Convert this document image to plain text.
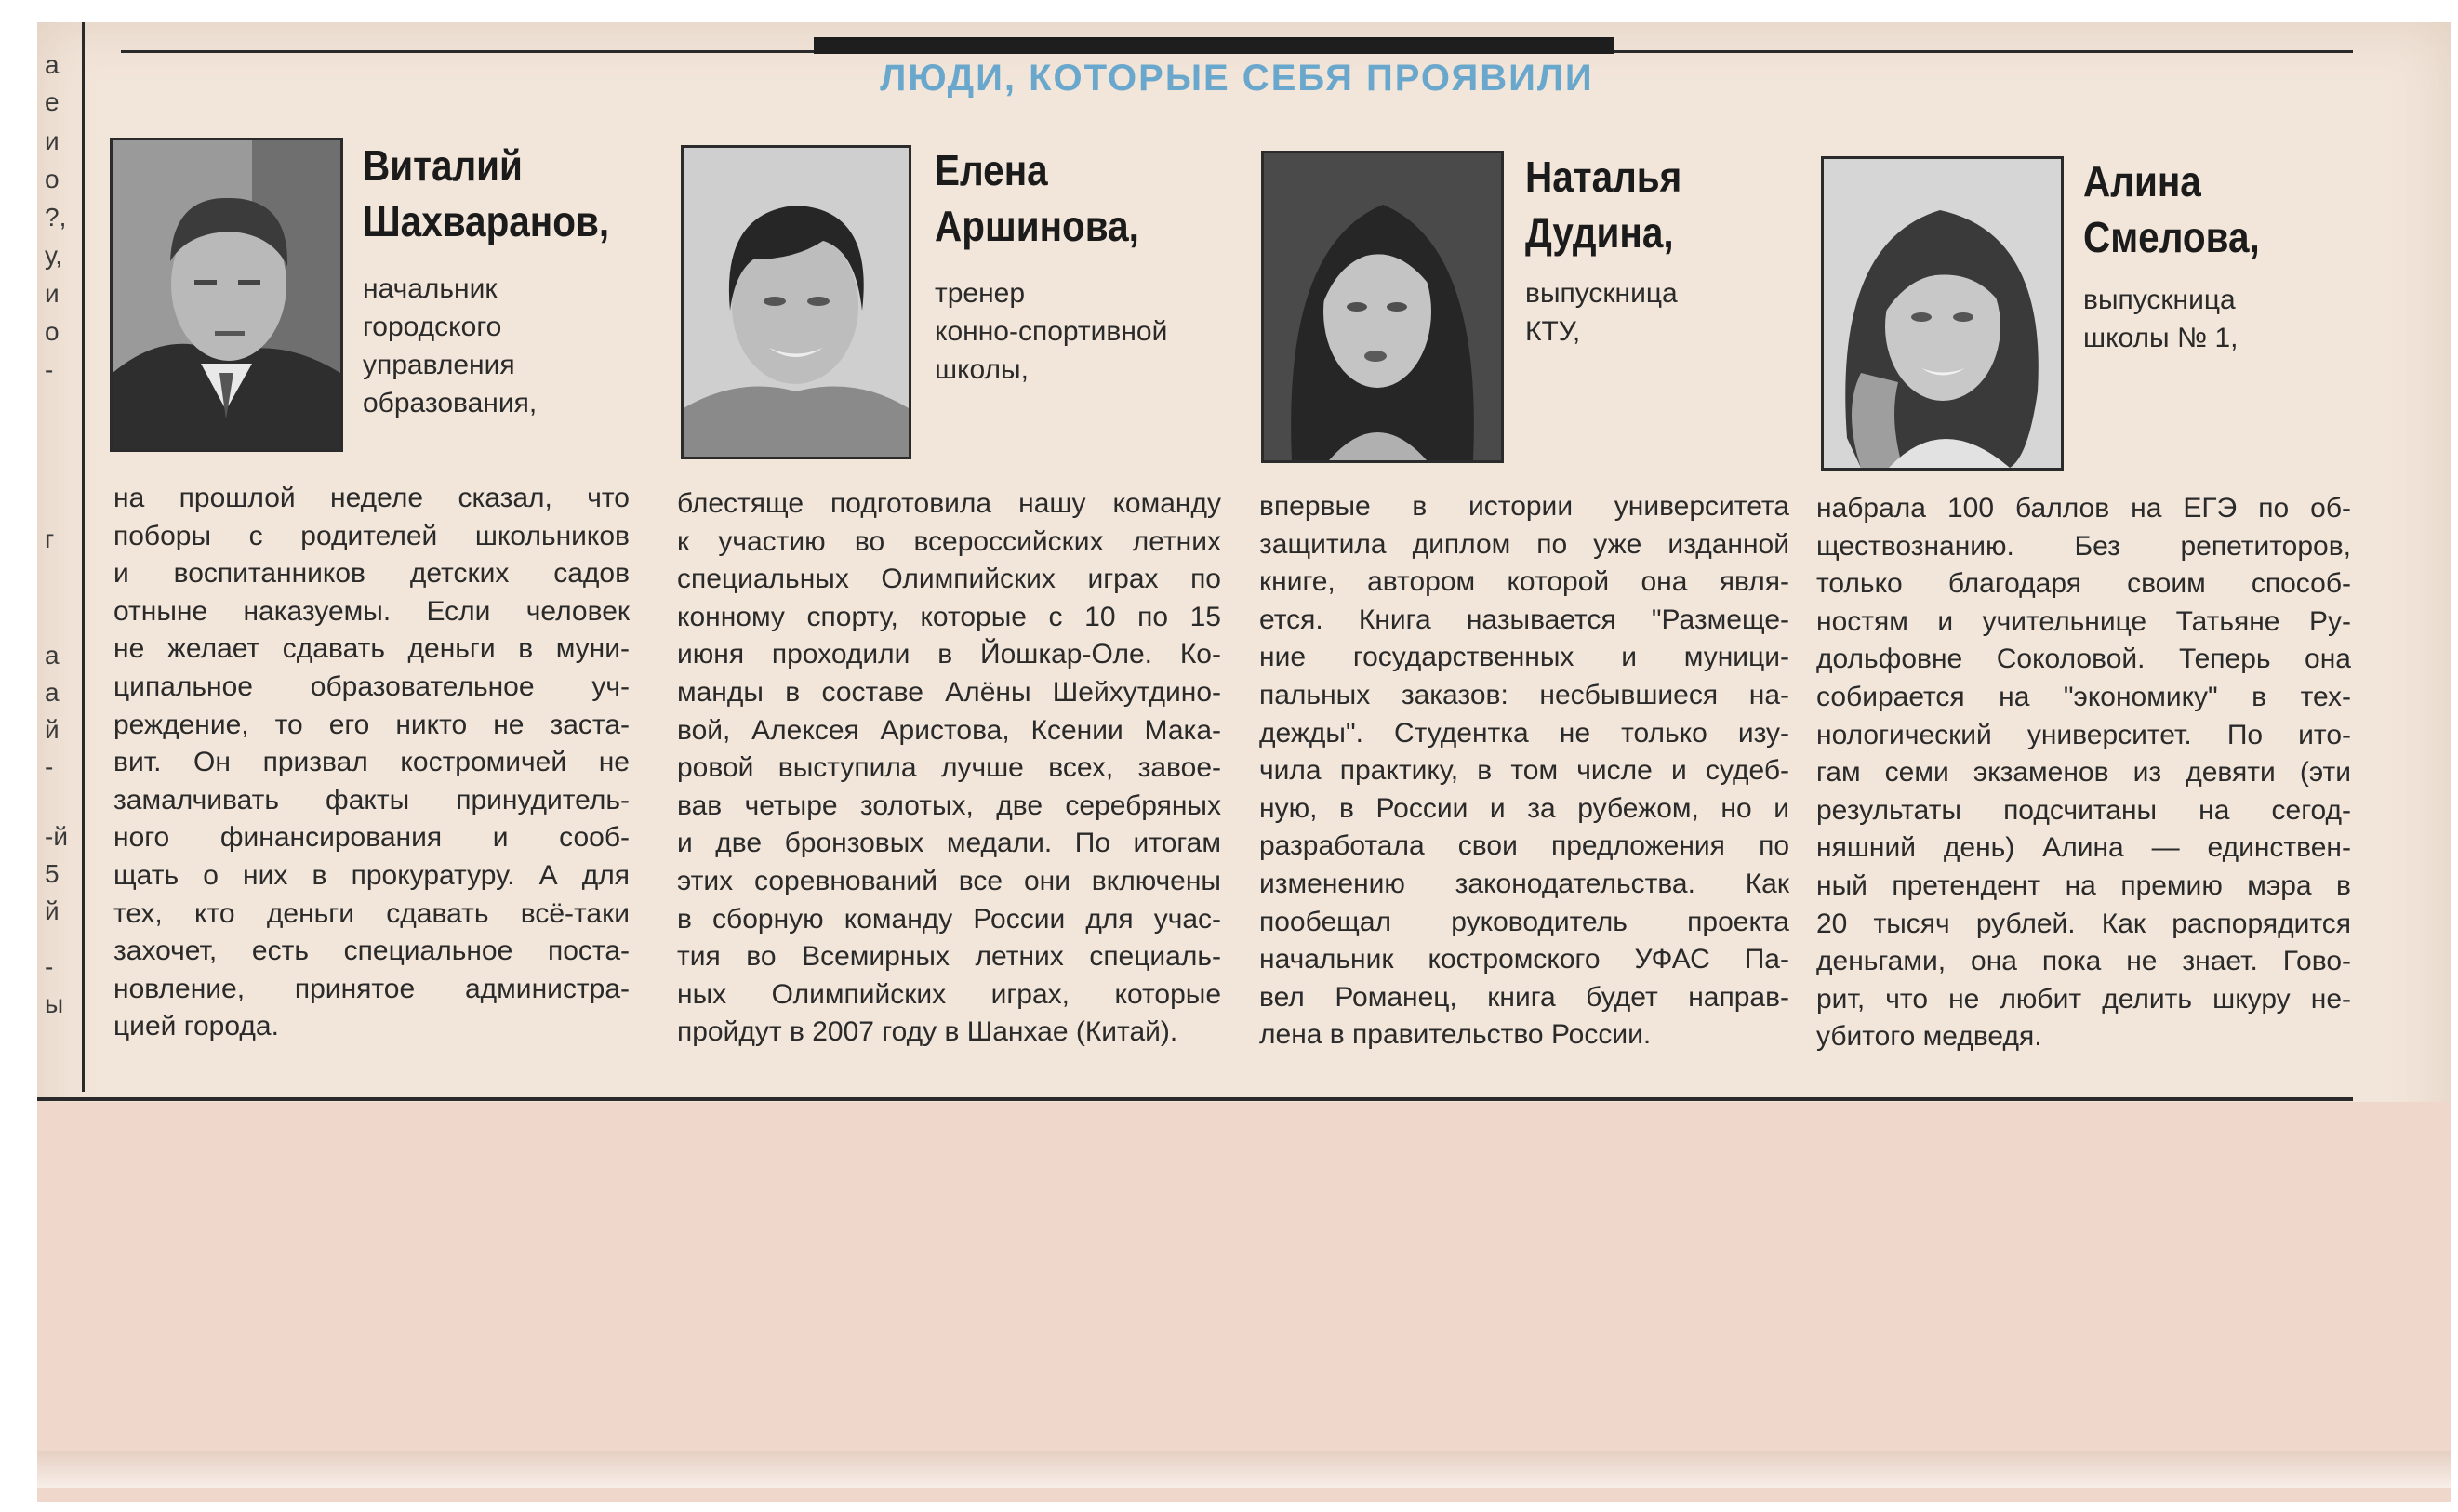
а
е
и
о
?,
у,
и
о
-
г
а
а
й
-
-й
5
й
-
ы
ЛЮДИ, КОТОРЫЕ СЕБЯ ПРОЯВИЛИ
Виталий
Шахваранов,
начальник
городского
управления
образования,
на прошлой неделе сказал, что
поборы с родителей школьников
и воспитанников детских садов
отныне наказуемы. Если человек
не желает сдавать деньги в муни-
ципальное образовательное уч-
реждение, то его никто не заста-
вит. Он призвал костромичей не
замалчивать факты принудитель-
ного финансирования и сооб-
щать о них в прокуратуру. А для
тех, кто деньги сдавать всё-таки
захочет, есть специальное поста-
новление, принятое администра-
цией города.
Елена
Аршинова,
тренер
конно-спортивной
школы,
блестяще подготовила нашу команду
к участию во всероссийских летних
специальных Олимпийских играх по
конному спорту, которые с 10 по 15
июня проходили в Йошкар-Оле. Ко-
манды в составе Алёны Шейхутдино-
вой, Алексея Аристова, Ксении Мака-
ровой выступила лучше всех, завое-
вав четыре золотых, две серебряных
и две бронзовых медали. По итогам
этих соревнований все они включены
в сборную команду России для учас-
тия во Всемирных летних специаль-
ных Олимпийских играх, которые
пройдут в 2007 году в Шанхае (Китай).
Наталья
Дудина,
выпускница
КТУ,
впервые в истории университета
защитила диплом по уже изданной
книге, автором которой она явля-
ется. Книга называется "Размеще-
ние государственных и муници-
пальных заказов: несбывшиеся на-
дежды". Студентка не только изу-
чила практику, в том числе и судеб-
ную, в России и за рубежом, но и
разработала свои предложения по
изменению законодательства. Как
пообещал руководитель проекта
начальник костромского УФАС Па-
вел Романец, книга будет направ-
лена в правительство России.
Алина
Смелова,
выпускница
школы № 1,
набрала 100 баллов на ЕГЭ по об-
ществознанию. Без репетиторов,
только благодаря своим способ-
ностям и учительнице Татьяне Ру-
дольфовне Соколовой. Теперь она
собирается на "экономику" в тех-
нологический университет. По ито-
гам семи экзаменов из девяти (эти
результаты подсчитаны на сегод-
няшний день) Алина — единствен-
ный претендент на премию мэра в
20 тысяч рублей. Как распорядится
деньгами, она пока не знает. Гово-
рит, что не любит делить шкуру не-
убитого медведя.
